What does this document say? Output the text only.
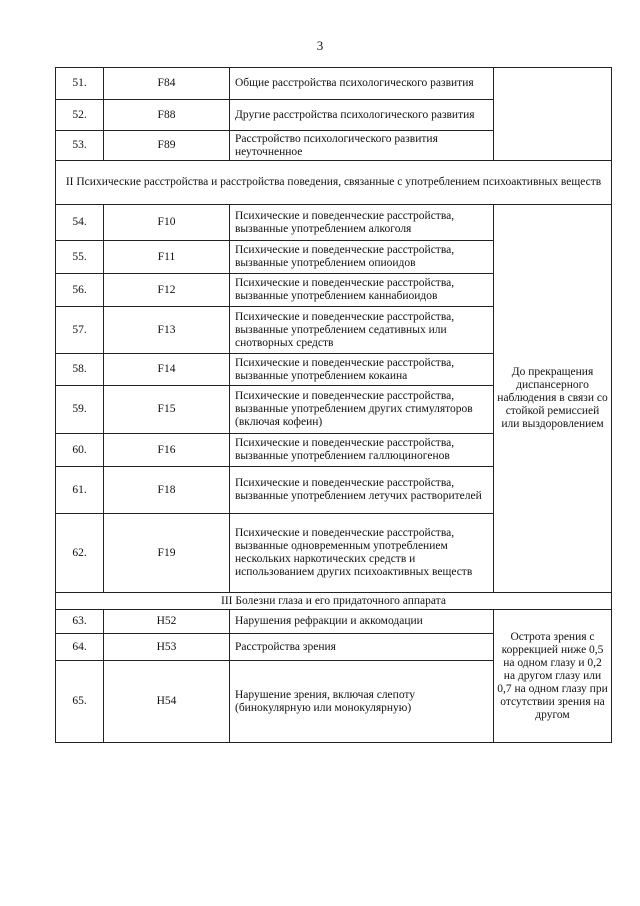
3
51.	F84	Общие расстройства психологического развития	
52.	F88	Другие расстройства психологического развития	
53.	F89	Расстройство психологического развития неуточненное	
II Психические расстройства и расстройства поведения, связанные с употреблением психоактивных веществ			
54.	F10	Психические и поведенческие расстройства, вызванные употреблением алкоголя	До прекращения диспансерного наблюдения в связи со стойкой ремиссией или выздоровлением
55.	F11	Психические и поведенческие расстройства, вызванные употреблением опиоидов	
56.	F12	Психические и поведенческие расстройства, вызванные употреблением каннабиоидов	
57.	F13	Психические и поведенческие расстройства, вызванные употреблением седативных или снотворных средств	
58.	F14	Психические и поведенческие расстройства, вызванные употреблением кокаина	
59.	F15	Психические и поведенческие расстройства, вызванные употреблением других стимуляторов (включая кофеин)	
60.	F16	Психические и поведенческие расстройства, вызванные употреблением галлюциногенов	
61.	F18	Психические и поведенческие расстройства, вызванные употреблением летучих растворителей	
62.	F19	Психические и поведенческие расстройства, вызванные одновременным употреблением нескольких наркотических средств и использованием других психоактивных веществ	
III Болезни глаза и его придаточного аппарата			
63.	H52	Нарушения рефракции и аккомодации	Острота зрения с коррекцией ниже 0,5 на одном глазу и 0,2 на другом глазу или 0,7 на одном глазу при отсутствии зрения на другом
64.	H53	Расстройства зрения	
65.	H54	Нарушение зрения, включая слепоту (бинокулярную или монокулярную)	
